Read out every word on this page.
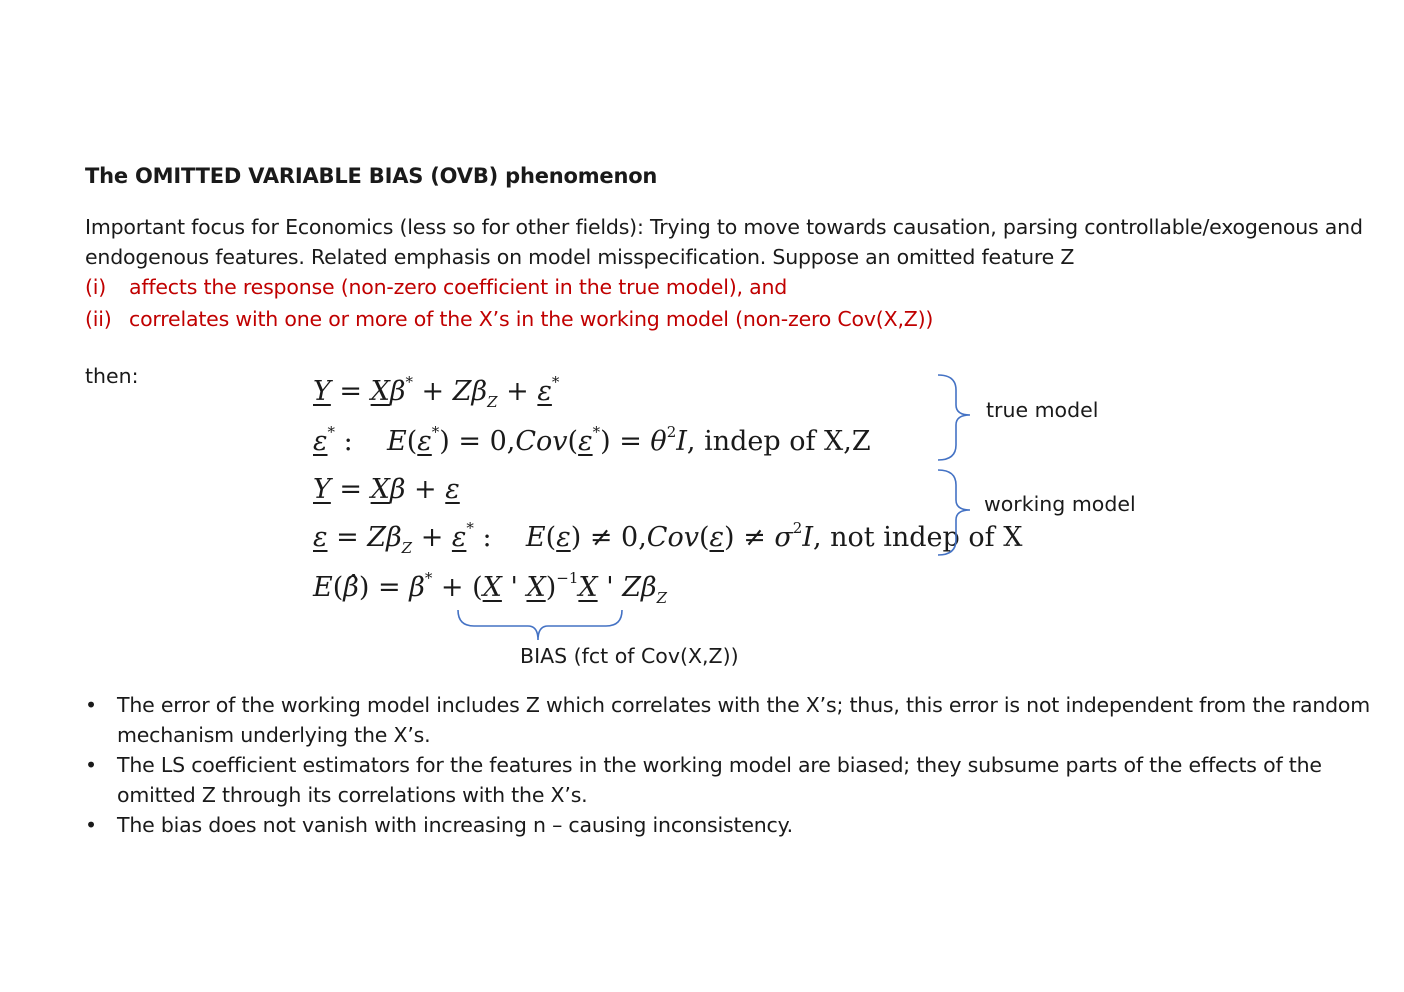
The OMITTED VARIABLE BIAS (OVB) phenomenon

Important focus for Economics (less so for other fields): Trying to move towards causation, parsing controllable/exogenous and endogenous features. Related emphasis on model misspecification. Suppose an omitted feature Z

(i) affects the response (non-zero coefficient in the true model), and

(ii) correlates with one or more of the X’s in the working model (non-zero Cov(X,Z))

then:	$Y = X\beta^* + Z\beta_Z + \varepsilon^*$
ε* :    $E(\varepsilon^*) = 0,Cov(\varepsilon^*) = \theta^2I$, indep of X,Z
Y = Xβ + ε
$\varepsilon = Z\beta_Z + \varepsilon^*$ :    $E(\varepsilon) \ne 0,Cov(\varepsilon) \ne \sigma^2I$, not indep of X
E(β̂) = β* + (X ' X)$^{-1}$X ' $Z\beta_Z$
true model
working model
BIAS (fct of Cov(X,Z))
• The error of the working model includes Z which correlates with the X’s; thus, this error is not independent from the random mechanism underlying the X’s.
• The LS coefficient estimators for the features in the working model are biased; they subsume parts of the effects of the omitted Z through its correlations with the X’s.
• The bias does not vanish with increasing n – causing inconsistency.
